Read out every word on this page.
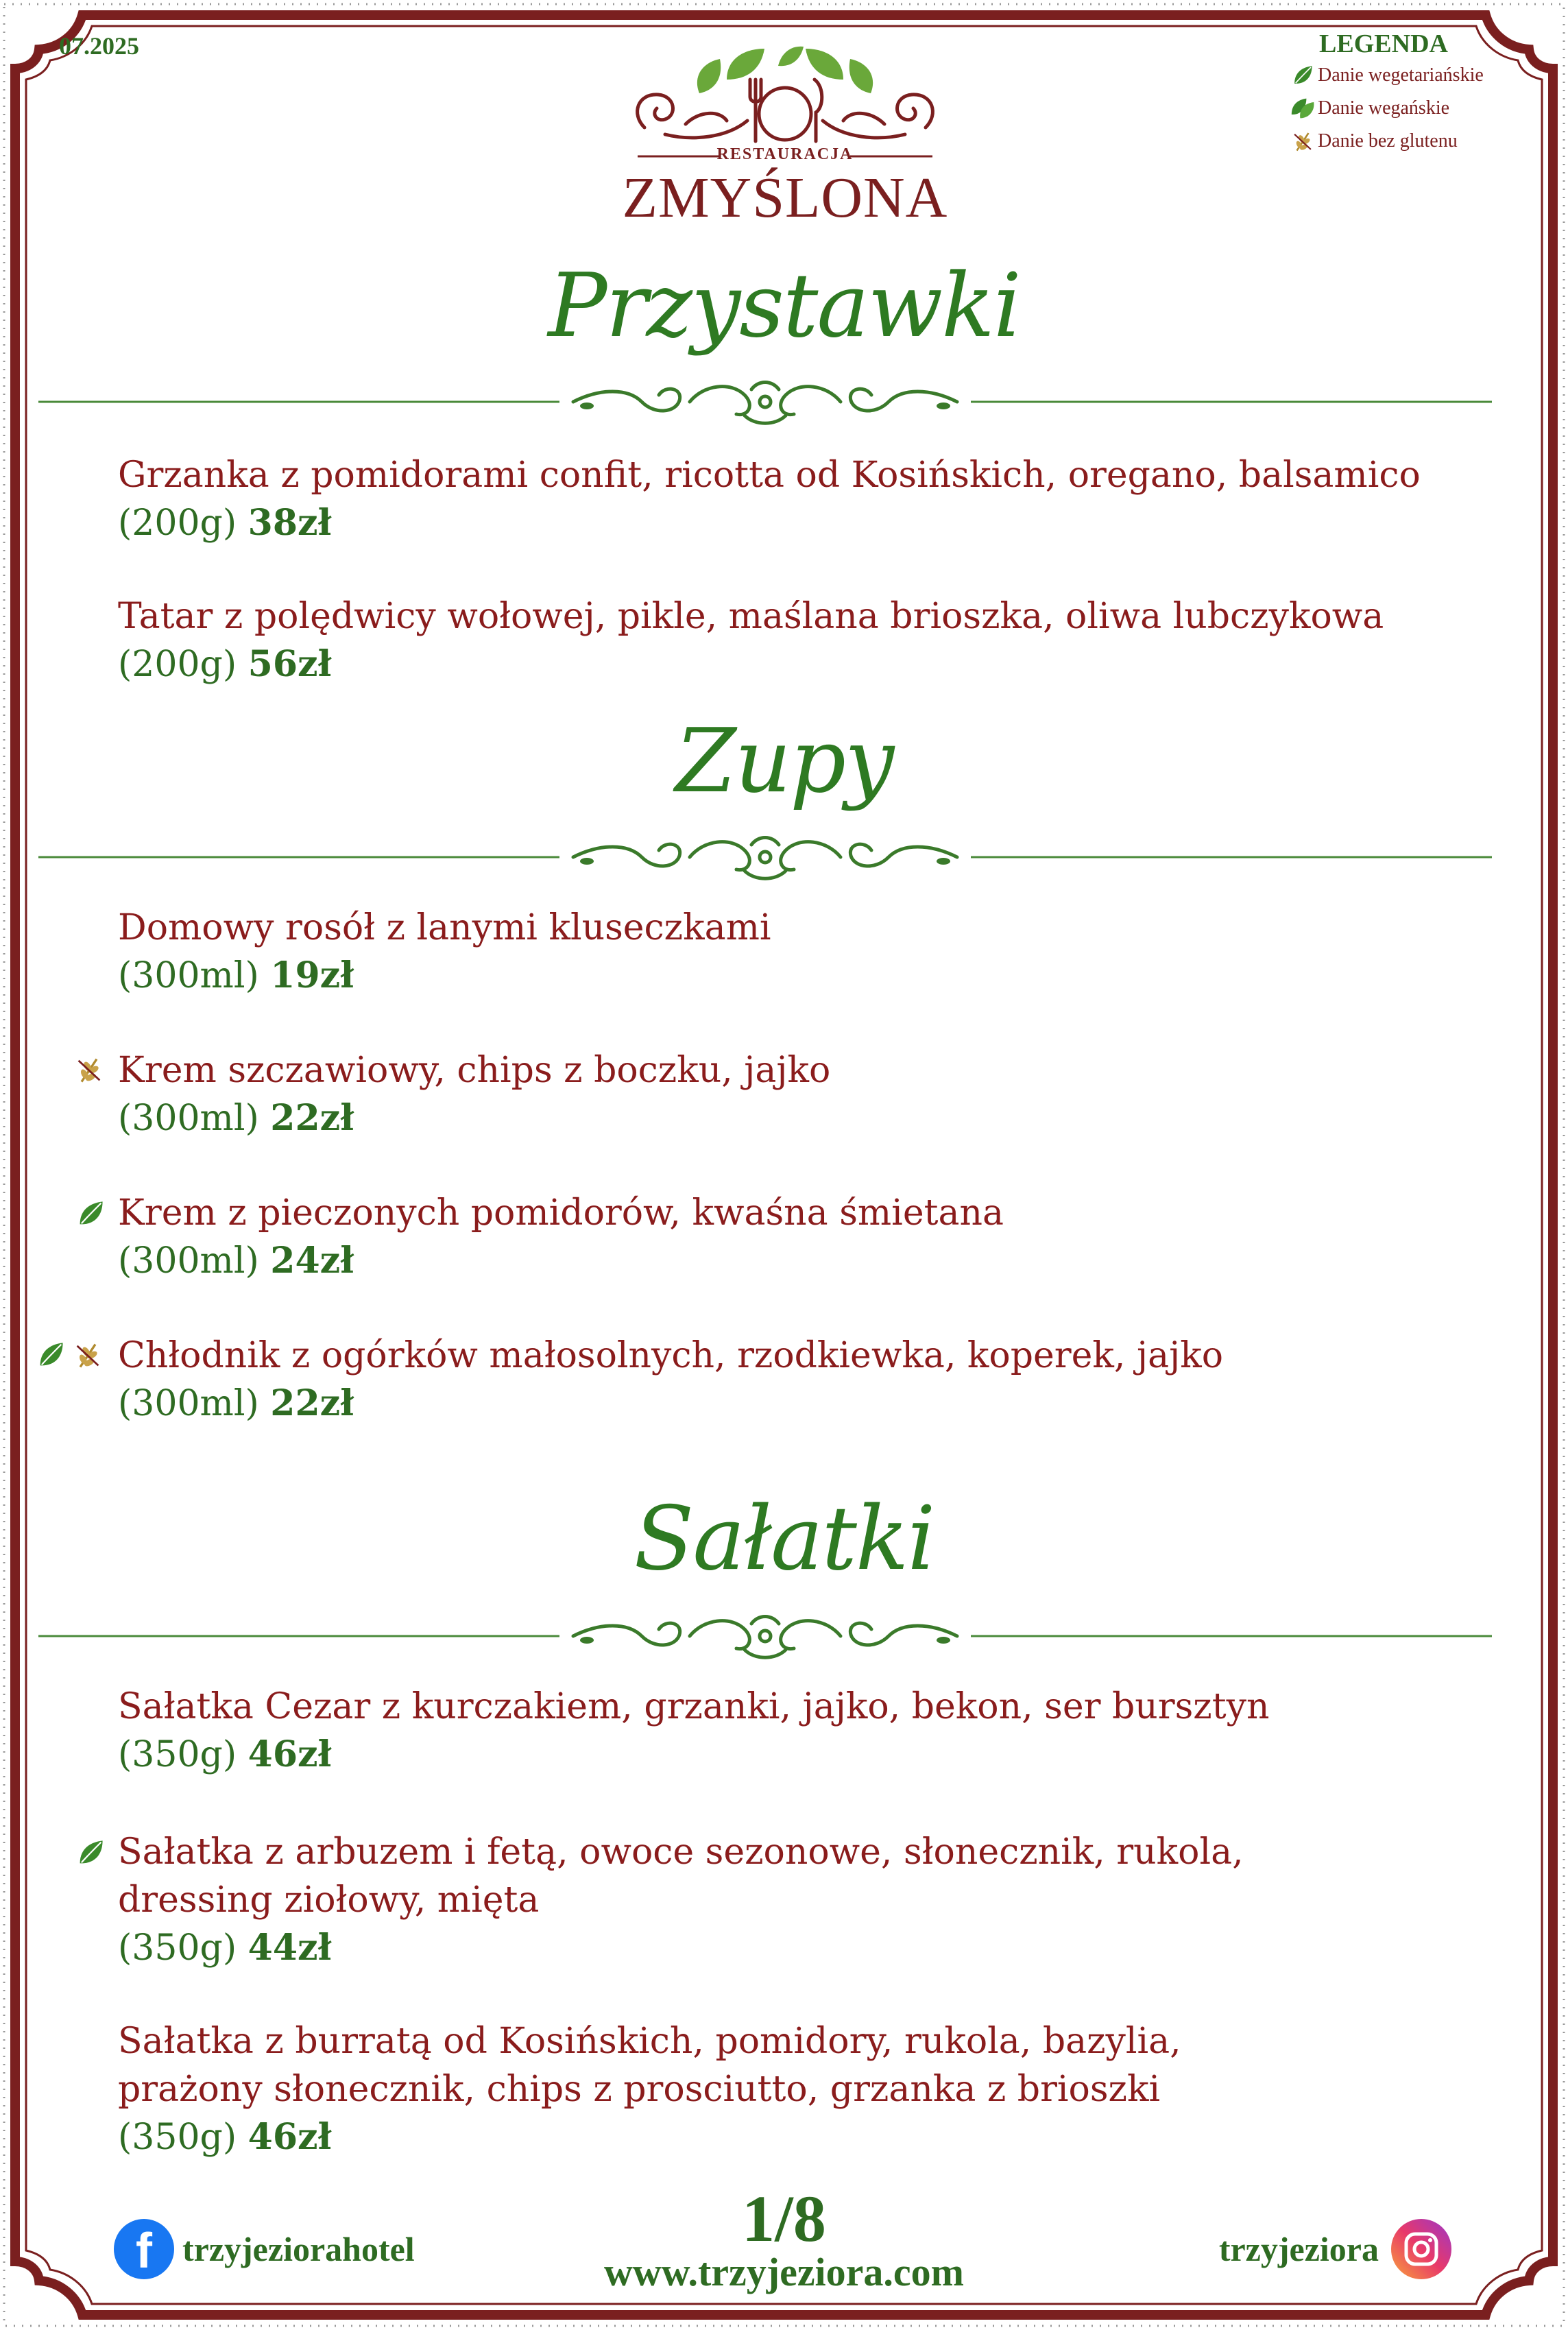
07.2025	LEGENDA
Danie wegetariańskie
Danie wegańskie
Danie bez glutenu
RESTAURACJA
ZMYŚLONA
Przystawki
Grzanka z pomidorami confit, ricotta od Kosińskich, oregano, balsamico
(200g) 38zł
Tatar z polędwicy wołowej, pikle, maślana brioszka, oliwa lubczykowa
(200g) 56zł
Zupy
Domowy rosół z lanymi kluseczkami
(300ml) 19zł
Krem szczawiowy, chips z boczku, jajko
(300ml) 22zł
Krem z pieczonych pomidorów, kwaśna śmietana
(300ml) 24zł
Chłodnik z ogórków małosolnych, rzodkiewka, koperek, jajko
(300ml) 22zł
Sałatki
Sałatka Cezar z kurczakiem, grzanki, jajko, bekon, ser bursztyn
(350g) 46zł
Sałatka z arbuzem i fetą, owoce sezonowe, słonecznik, rukola,
dressing ziołowy, mięta
(350g) 44zł
Sałatka z burratą od Kosińskich, pomidory, rukola, bazylia,
prażony słonecznik, chips z prosciutto, grzanka z brioszki
(350g) 46zł
f trzyjeziorahotel	1/8
www.trzyjeziora.com
trzyjeziora
